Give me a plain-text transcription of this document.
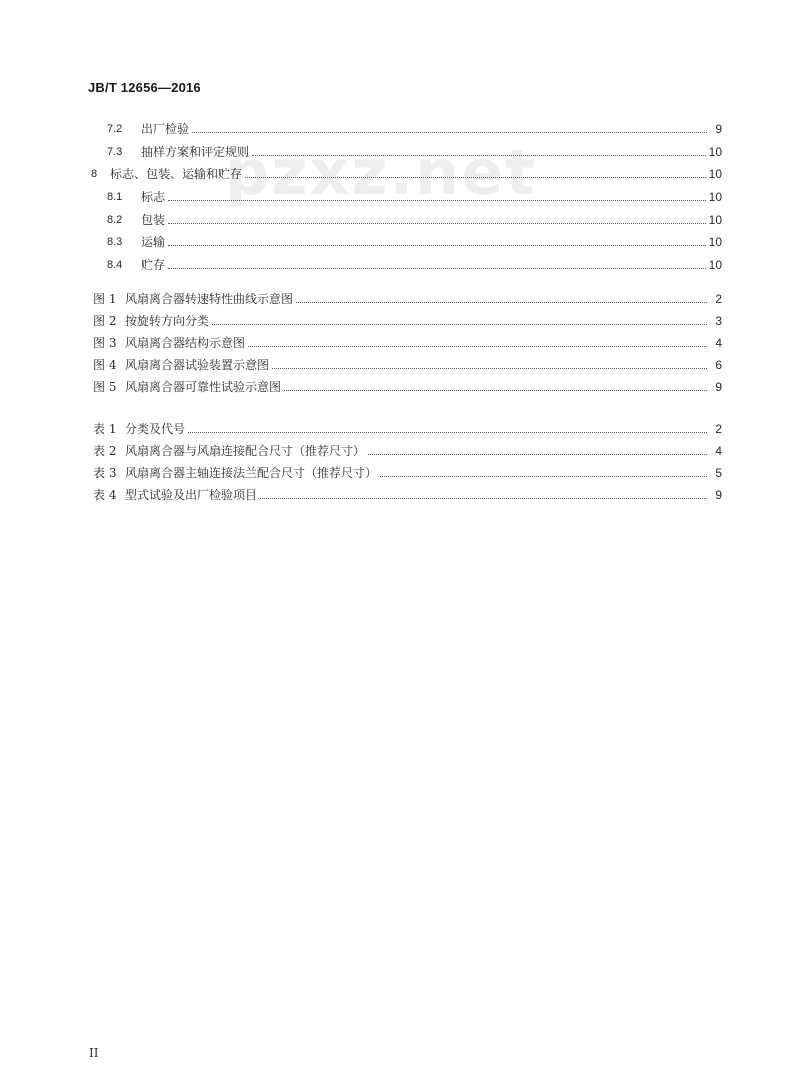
JB/T 12656—2016
pzxz.net
7.2	出厂检验	9
7.3	抽样方案和评定规则	10
8	标志、包装、运输和贮存	10
8.1	标志	10
8.2	包装	10
8.3	运输	10
8.4	贮存	10
图 1 风扇离合器转速特性曲线示意图	2
图 2 按旋转方向分类	3
图 3 风扇离合器结构示意图	4
图 4 风扇离合器试验装置示意图	6
图 5 风扇离合器可靠性试验示意图	9
表 1 分类及代号	2
表 2 风扇离合器与风扇连接配合尺寸（推荐尺寸）	4
表 3 风扇离合器主轴连接法兰配合尺寸（推荐尺寸）	5
表 4 型式试验及出厂检验项目	9
II
